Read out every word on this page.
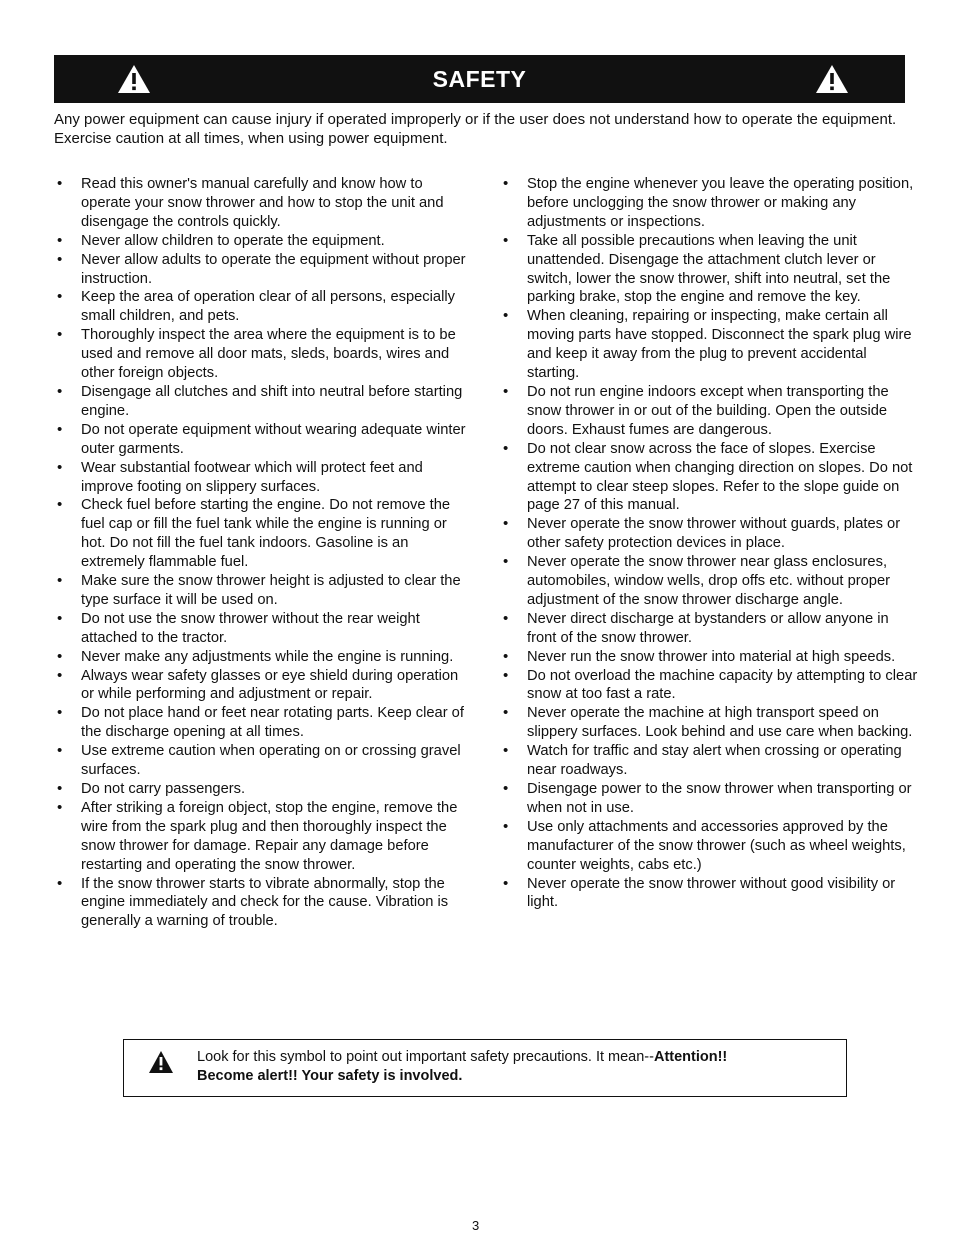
SAFETY

Any power equipment can cause injury if operated improperly or if the user does not understand how to operate the equipment. Exercise caution at all times, when using power equipment.

• Read this owner's manual carefully and know how to operate your snow thrower and how to stop the unit and disengage the controls quickly.
• Never allow children to operate the equipment.
• Never allow adults to operate the equipment without proper instruction.
• Keep the area of operation clear of all persons, especially small children, and pets.
• Thoroughly inspect the area where the equipment is to be used and remove all door mats, sleds, boards, wires and other foreign objects.
• Disengage all clutches and shift into neutral before starting engine.
• Do not operate equipment without wearing adequate winter outer garments.
• Wear substantial footwear which will protect feet and improve footing on slippery surfaces.
• Check fuel before starting the engine. Do not remove the fuel cap or fill the fuel tank while the engine is running or hot. Do not fill the fuel tank indoors. Gasoline is an extremely flammable fuel.
• Make sure the snow thrower height is adjusted to clear the type surface it will be used on.
• Do not use the snow thrower without the rear weight attached to the tractor.
• Never make any adjustments while the engine is running.
• Always wear safety glasses or eye shield during operation or while performing and adjustment or repair.
• Do not place hand or feet near rotating parts. Keep clear of the discharge opening at all times.
• Use extreme caution when operating on or crossing gravel surfaces.
• Do not carry passengers.
• After striking a foreign object, stop the engine, remove the wire from the spark plug and then thoroughly inspect the snow thrower for damage. Repair any damage before restarting and operating the snow thrower.
• If the snow thrower starts to vibrate abnormally, stop the engine immediately and check for the cause. Vibration is generally a warning of trouble.
• Stop the engine whenever you leave the operating position, before unclogging the snow thrower or making any adjustments or inspections.
• Take all possible precautions when leaving the unit unattended. Disengage the attachment clutch lever or switch, lower the snow thrower, shift into neutral, set the parking brake, stop the engine and remove the key.
• When cleaning, repairing or inspecting, make certain all moving parts have stopped. Disconnect the spark plug wire and keep it away from the plug to prevent accidental starting.
• Do not run engine indoors except when transporting the snow thrower in or out of the building. Open the outside doors. Exhaust fumes are dangerous.
• Do not clear snow across the face of slopes. Exercise extreme caution when changing direction on slopes. Do not attempt to clear steep slopes. Refer to the slope guide on page 27 of this manual.
• Never operate the snow thrower without guards, plates or other safety protection devices in place.
• Never operate the snow thrower near glass enclosures, automobiles, window wells, drop offs etc. without proper adjustment of the snow thrower discharge angle.
• Never direct discharge at bystanders or allow anyone in front of the snow thrower.
• Never run the snow thrower into material at high speeds.
• Do not overload the machine capacity by attempting to clear snow at too fast a rate.
• Never operate the machine at high transport speed on slippery surfaces. Look behind and use care when backing.
• Watch for traffic and stay alert when crossing or operating near roadways.
• Disengage power to the snow thrower when transporting or when not in use.
• Use only attachments and accessories approved by the manufacturer of the snow thrower (such as wheel weights, counter weights, cabs etc.)
• Never operate the snow thrower without good visibility or light.

Look for this symbol to point out important safety precautions. It mean--Attention!!
Become alert!! Your safety is involved.

3
